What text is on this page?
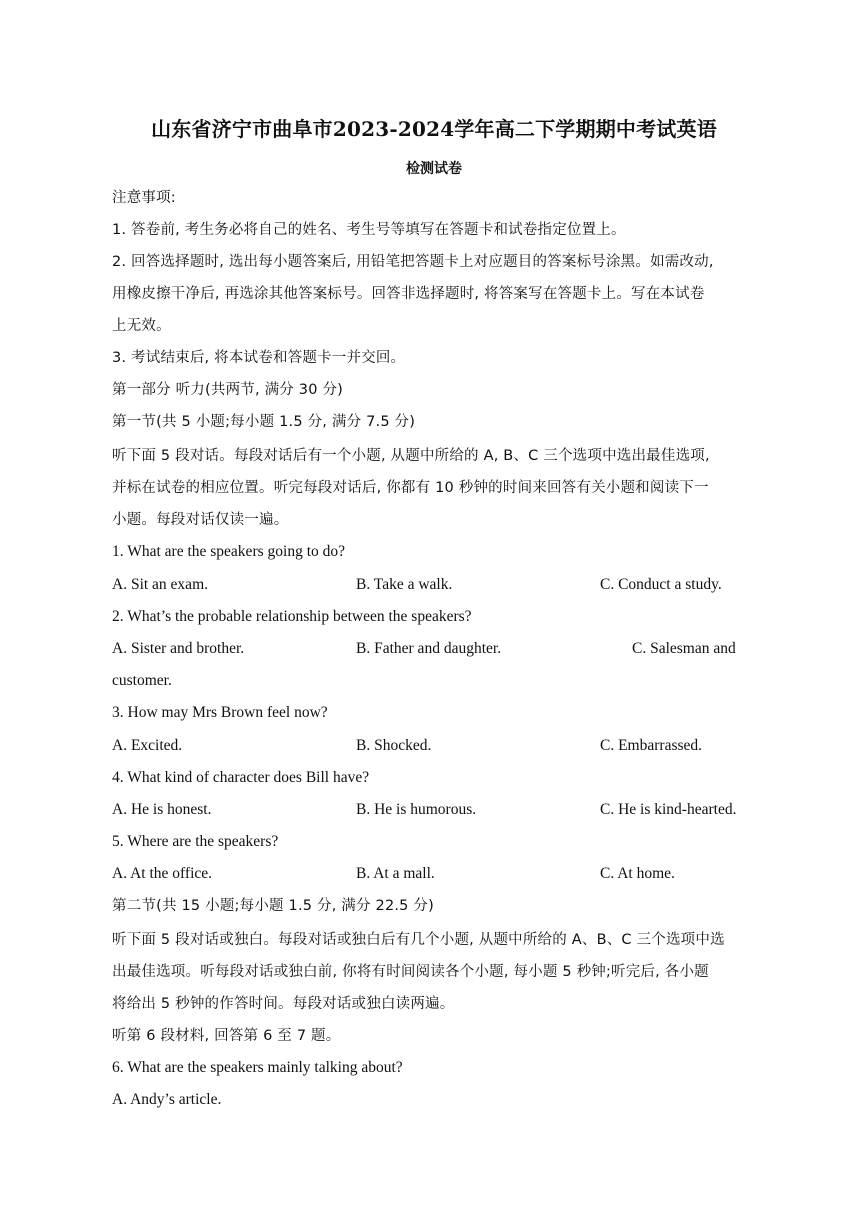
山东省济宁市曲阜市2023-2024学年高二下学期期中考试英语
检测试卷
注意事项:
1. 答卷前, 考生务必将自己的姓名、考生号等填写在答题卡和试卷指定位置上。
2. 回答选择题时, 选出每小题答案后, 用铅笔把答题卡上对应题目的答案标号涂黑。如需改动,
用橡皮擦干净后, 再选涂其他答案标号。回答非选择题时, 将答案写在答题卡上。写在本试卷
上无效。
3. 考试结束后, 将本试卷和答题卡一并交回。
第一部分 听力(共两节, 满分 30 分)
第一节(共 5 小题;每小题 1.5 分, 满分 7.5 分)
听下面 5 段对话。每段对话后有一个小题, 从题中所给的 A, B、C 三个选项中选出最佳选项,
并标在试卷的相应位置。听完每段对话后, 你都有 10 秒钟的时间来回答有关小题和阅读下一
小题。每段对话仅读一遍。
1. What are the speakers going to do?
A. Sit an exam.	B. Take a walk.	C. Conduct a study.
2. What’s the probable relationship between the speakers?
A. Sister and brother.	B. Father and daughter.	C. Salesman and
customer.
3. How may Mrs Brown feel now?
A. Excited.	B. Shocked.	C. Embarrassed.
4. What kind of character does Bill have?
A. He is honest.	B. He is humorous.	C. He is kind-hearted.
5. Where are the speakers?
A. At the office.	B. At a mall.	C. At home.
第二节(共 15 小题;每小题 1.5 分, 满分 22.5 分)
听下面 5 段对话或独白。每段对话或独白后有几个小题, 从题中所给的 A、B、C 三个选项中选
出最佳选项。听每段对话或独白前, 你将有时间阅读各个小题, 每小题 5 秒钟;听完后, 各小题
将给出 5 秒钟的作答时间。每段对话或独白读两遍。
听第 6 段材料, 回答第 6 至 7 题。
6. What are the speakers mainly talking about?
A. Andy’s article.
